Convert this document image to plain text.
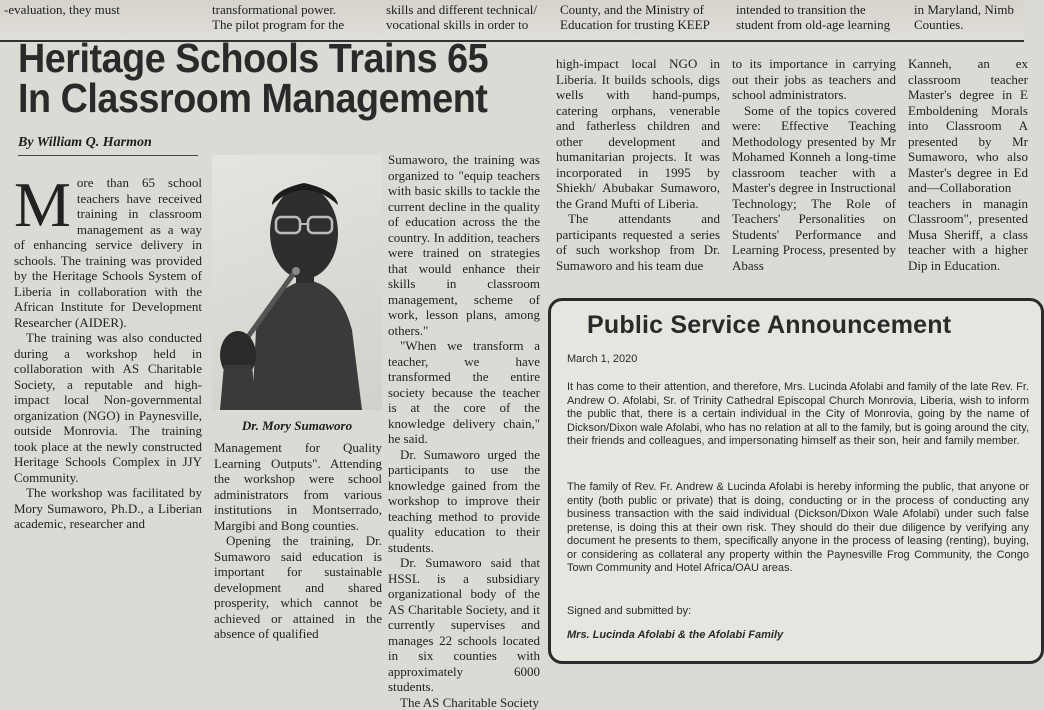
-evaluation, they must	transformational power.
The pilot program for the
skills and different technical/
vocational skills in order to
County, and the Ministry of
Education for trusting KEEP
intended to transition the
student from old-age learning
in Maryland, Nimb
Counties.
Heritage Schools Trains 65
In Classroom Management
By William Q. Harmon

More than 65 school teachers have received training in classroom management as a way of enhancing service delivery in schools. The training was provided by the Heritage Schools System of Liberia in collaboration with the African Institute for Development Researcher (AIDER).

The training was also conducted during a workshop held in collaboration with AS Charitable Society, a reputable and high-impact local Non-governmental organization (NGO) in Paynesville, outside Monrovia. The training took place at the newly constructed Heritage Schools Complex in JJY Community.

The workshop was facilitated by Mory Sumaworo, Ph.D., a Liberian academic, researcher and

Dr. Mory Sumaworo

Management for Quality Learning Outputs". Attending the workshop were school administrators from various institutions in Montserrado, Margibi and Bong counties.

Opening the training, Dr. Sumaworo said education is important for sustainable development and shared prosperity, which cannot be achieved or attained in the absence of qualified

Sumaworo, the training was organized to "equip teachers with basic skills to tackle the current decline in the quality of education across the the country. In addition, teachers were trained on strategies that would enhance their skills in classroom management, scheme of work, lesson plans, among others."

"When we transform a teacher, we have transformed the entire society because the teacher is at the core of the knowledge delivery chain," he said.

Dr. Sumaworo urged the participants to use the knowledge gained from the workshop to improve their teaching method to provide quality education to their students.

Dr. Sumaworo said that HSSL is a subsidiary organizational body of the AS Charitable Society, and it currently supervises and manages 22 schools located in six counties with approximately 6000 students.

The AS Charitable Society

high-impact local NGO in Liberia. It builds schools, digs wells with hand-pumps, catering orphans, venerable and fatherless children and other development and humanitarian projects. It was incorporated in 1995 by Shiekh/ Abubakar Sumaworo, the Grand Mufti of Liberia.

The attendants and participants requested a series of such workshop from Dr. Sumaworo and his team due

to its importance in carrying out their jobs as teachers and school administrators.

Some of the topics covered were: Effective Teaching Methodology presented by Mr Mohamed Konneh a long-time classroom teacher with a Master's degree in Instructional Technology; The Role of Teachers' Personalities on Students' Performance and Learning Process, presented by Abass

Kanneh, an ex classroom teacher Master's degree in E Emboldening Morals into Classroom A presented by Mr Sumaworo, who also Master's degree in Ed and—Collaboration teachers in managin Classroom", presented Musa Sheriff, a class teacher with a higher Dip in Education.

Public Service Announcement
March 1, 2020
It has come to their attention, and therefore, Mrs. Lucinda Afolabi and family of the late Rev. Fr. Andrew O. Afolabi, Sr. of Trinity Cathedral Episcopal Church Monrovia, Liberia, wish to inform the public that, there is a certain individual in the City of Monrovia, going by the name of Dickson/Dixon wale Afolabi, who has no relation at all to the family, but is going around the city, their friends and colleagues, and impersonating himself as their son, heir and family member.
The family of Rev. Fr. Andrew & Lucinda Afolabi is hereby informing the public, that anyone or entity (both public or private) that is doing, conducting or in the process of conducting any business transaction with the said individual (Dickson/Dixon Wale Afolabi) under such false pretense, is doing this at their own risk. They should do their due diligence by verifying any document he presents to them, specifically anyone in the process of leasing (renting), buying, or considering as collateral any property within the Paynesville Frog Community, the Congo Town Community and Hotel Africa/OAU areas.
Signed and submitted by:
Mrs. Lucinda Afolabi & the Afolabi Family
